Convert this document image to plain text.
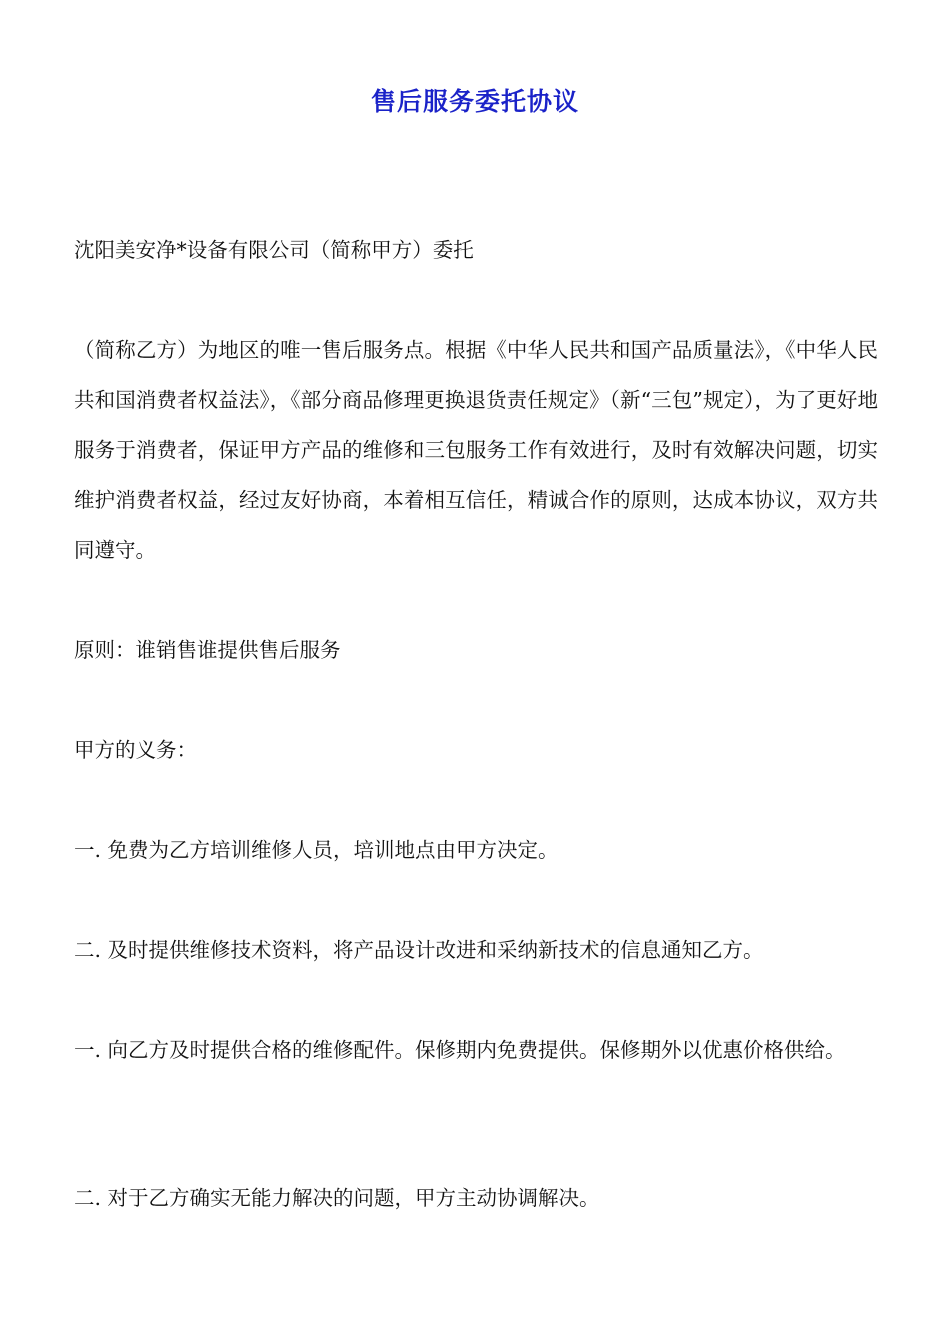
售后服务委托协议

沈阳美安净*设备有限公司（简称甲方）委托

（简称乙方）为地区的唯一售后服务点。根据《中华人民共和国产品质量法》，《中华人民共和国消费者权益法》，《部分商品修理更换退货责任规定》（新“三包”规定），为了更好地服务于消费者，保证甲方产品的维修和三包服务工作有效进行，及时有效解决问题，切实维护消费者权益，经过友好协商，本着相互信任，精诚合作的原则，达成本协议，双方共同遵守。

原则：谁销售谁提供售后服务

甲方的义务：

一. 免费为乙方培训维修人员，培训地点由甲方决定。

二. 及时提供维修技术资料，将产品设计改进和采纳新技术的信息通知乙方。

一. 向乙方及时提供合格的维修配件。保修期内免费提供。保修期外以优惠价格供给。

二. 对于乙方确实无能力解决的问题，甲方主动协调解决。
